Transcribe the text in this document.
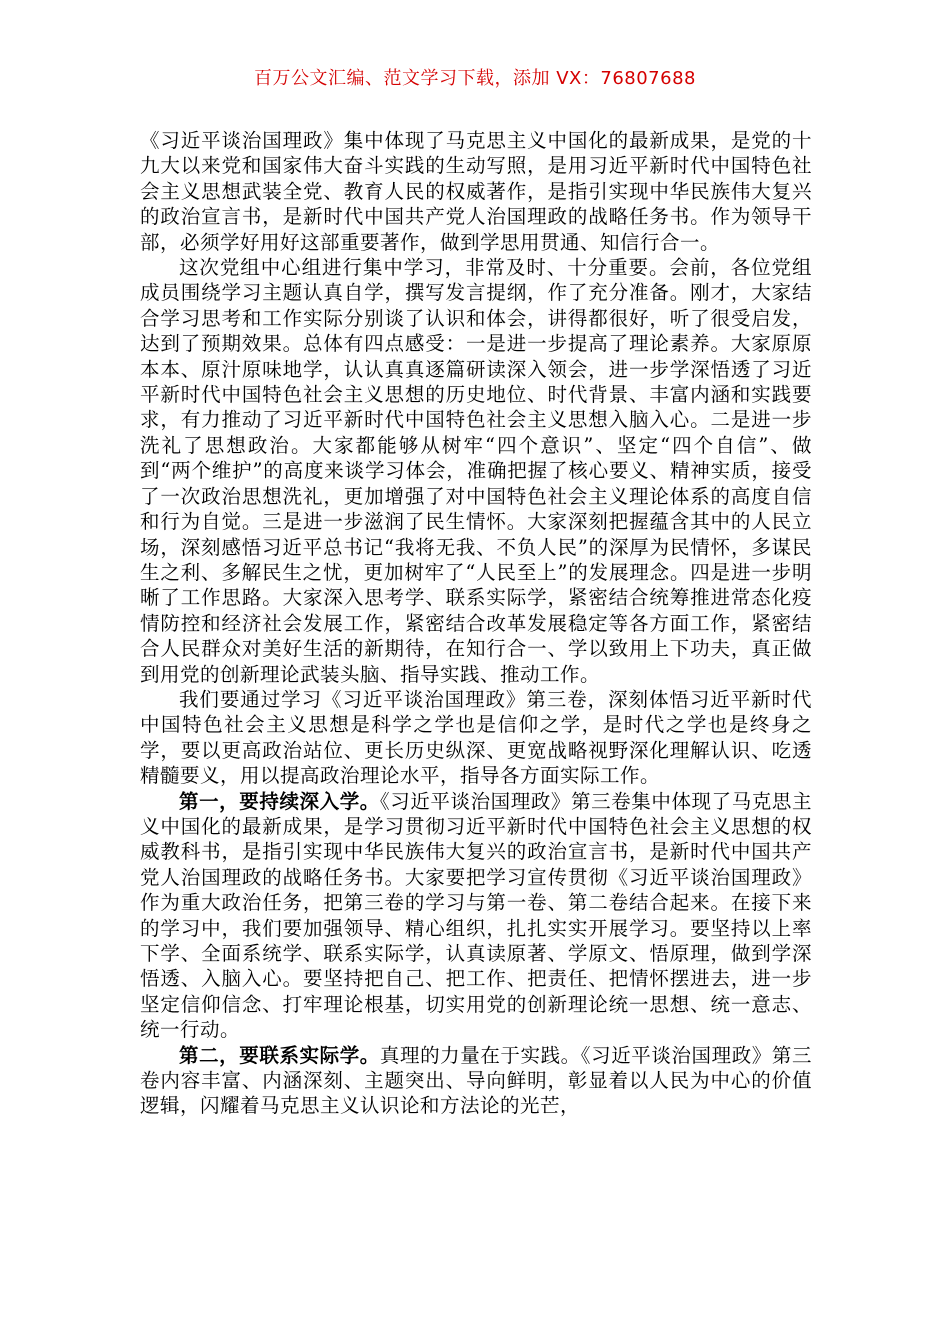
百万公文汇编、范文学习下载，添加 VX：76807688

《习近平谈治国理政》集中体现了马克思主义中国化的最新成果，是党的十九大以来党和国家伟大奋斗实践的生动写照，是用习近平新时代中国特色社会主义思想武装全党、教育人民的权威著作，是指引实现中华民族伟大复兴的政治宣言书，是新时代中国共产党人治国理政的战略任务书。作为领导干部，必须学好用好这部重要著作，做到学思用贯通、知信行合一。

这次党组中心组进行集中学习，非常及时、十分重要。会前，各位党组成员围绕学习主题认真自学，撰写发言提纲，作了充分准备。刚才，大家结合学习思考和工作实际分别谈了认识和体会，讲得都很好，听了很受启发，达到了预期效果。总体有四点感受：一是进一步提高了理论素养。大家原原本本、原汁原味地学，认认真真逐篇研读深入领会，进一步学深悟透了习近平新时代中国特色社会主义思想的历史地位、时代背景、丰富内涵和实践要求，有力推动了习近平新时代中国特色社会主义思想入脑入心。二是进一步洗礼了思想政治。大家都能够从树牢“四个意识”、坚定“四个自信”、做到“两个维护”的高度来谈学习体会，准确把握了核心要义、精神实质，接受了一次政治思想洗礼，更加增强了对中国特色社会主义理论体系的高度自信和行为自觉。三是进一步滋润了民生情怀。大家深刻把握蕴含其中的人民立场，深刻感悟习近平总书记“我将无我、不负人民”的深厚为民情怀，多谋民生之利、多解民生之忧，更加树牢了“人民至上”的发展理念。四是进一步明晰了工作思路。大家深入思考学、联系实际学，紧密结合统筹推进常态化疫情防控和经济社会发展工作，紧密结合改革发展稳定等各方面工作，紧密结合人民群众对美好生活的新期待，在知行合一、学以致用上下功夫，真正做到用党的创新理论武装头脑、指导实践、推动工作。

我们要通过学习《习近平谈治国理政》第三卷，深刻体悟习近平新时代中国特色社会主义思想是科学之学也是信仰之学，是时代之学也是终身之学，要以更高政治站位、更长历史纵深、更宽战略视野深化理解认识、吃透精髓要义，用以提高政治理论水平，指导各方面实际工作。

第一，要持续深入学。《习近平谈治国理政》第三卷集中体现了马克思主义中国化的最新成果，是学习贯彻习近平新时代中国特色社会主义思想的权威教科书，是指引实现中华民族伟大复兴的政治宣言书，是新时代中国共产党人治国理政的战略任务书。大家要把学习宣传贯彻《习近平谈治国理政》作为重大政治任务，把第三卷的学习与第一卷、第二卷结合起来。在接下来的学习中，我们要加强领导、精心组织，扎扎实实开展学习。要坚持以上率下学、全面系统学、联系实际学，认真读原著、学原文、悟原理，做到学深悟透、入脑入心。要坚持把自己、把工作、把责任、把情怀摆进去，进一步坚定信仰信念、打牢理论根基，切实用党的创新理论统一思想、统一意志、统一行动。

第二，要联系实际学。真理的力量在于实践。《习近平谈治国理政》第三卷内容丰富、内涵深刻、主题突出、导向鲜明，彰显着以人民为中心的价值逻辑，闪耀着马克思主义认识论和方法论的光芒，
